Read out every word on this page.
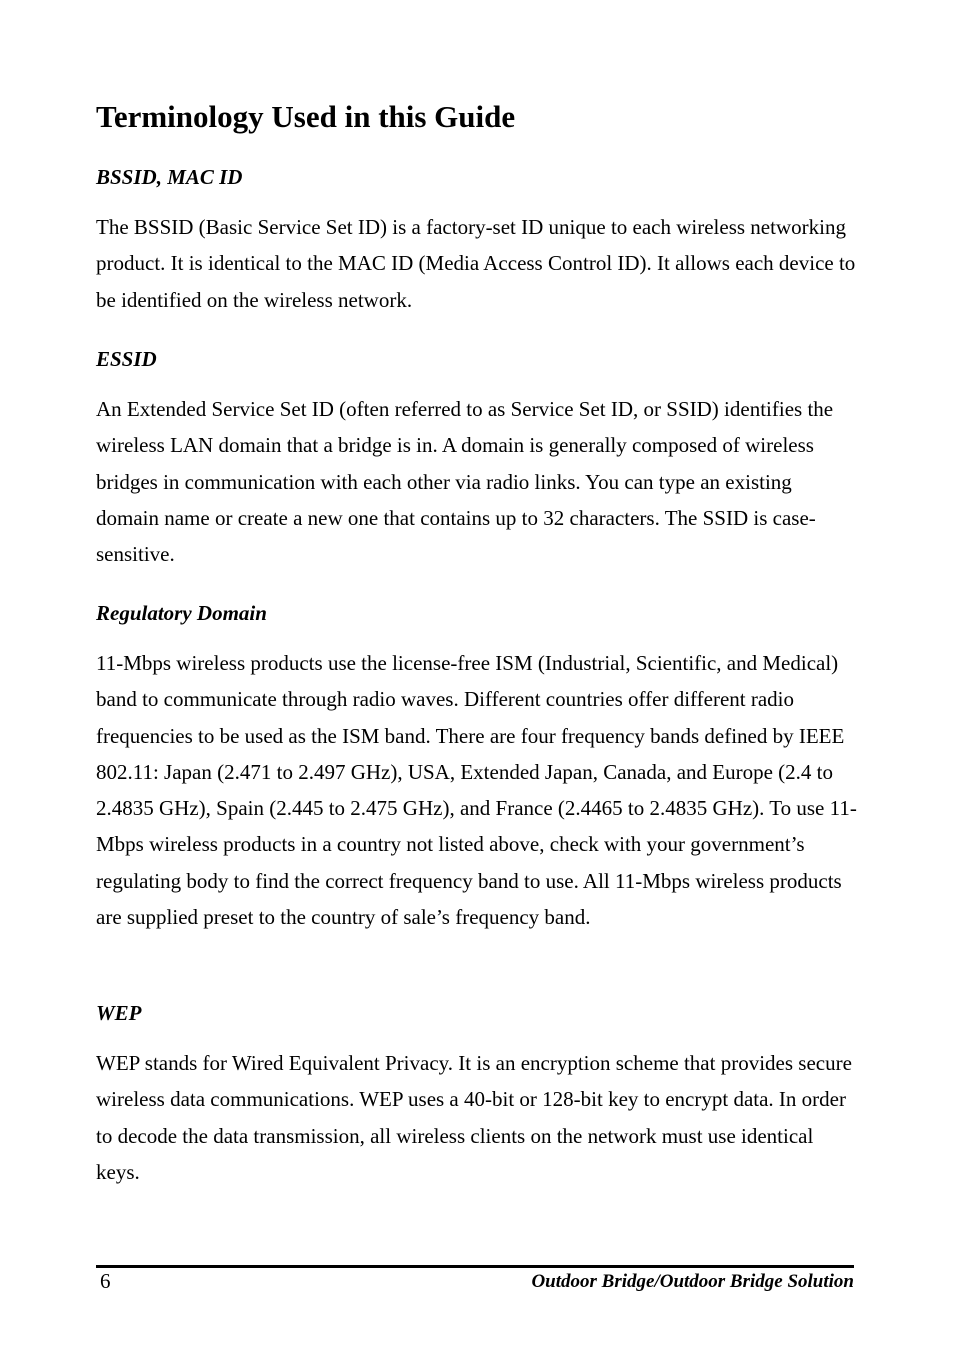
Terminology Used in this Guide
BSSID, MAC ID

The BSSID (Basic Service Set ID) is a factory-set ID unique to each wireless networking product. It is identical to the MAC ID (Media Access Control ID). It allows each device to be identified on the wireless network.

ESSID

An Extended Service Set ID (often referred to as Service Set ID, or SSID) identifies the wireless LAN domain that a bridge is in. A domain is generally composed of wireless bridges in communication with each other via radio links. You can type an existing domain name or create a new one that contains up to 32 characters. The SSID is case-sensitive.

Regulatory Domain

11-Mbps wireless products use the license-free ISM (Industrial, Scientific, and Medical) band to communicate through radio waves. Different countries offer different radio frequencies to be used as the ISM band. There are four frequency bands defined by IEEE 802.11: Japan (2.471 to 2.497 GHz), USA, Extended Japan, Canada, and Europe (2.4 to 2.4835 GHz), Spain (2.445 to 2.475 GHz), and France (2.4465 to 2.4835 GHz). To use 11-Mbps wireless products in a country not listed above, check with your government’s regulating body to find the correct frequency band to use. All 11-Mbps wireless products are supplied preset to the country of sale’s frequency band.

WEP

WEP stands for Wired Equivalent Privacy. It is an encryption scheme that provides secure wireless data communications. WEP uses a 40-bit or 128-bit key to encrypt data. In order to decode the data transmission, all wireless clients on the network must use identical keys.

6	Outdoor Bridge/Outdoor Bridge Solution
